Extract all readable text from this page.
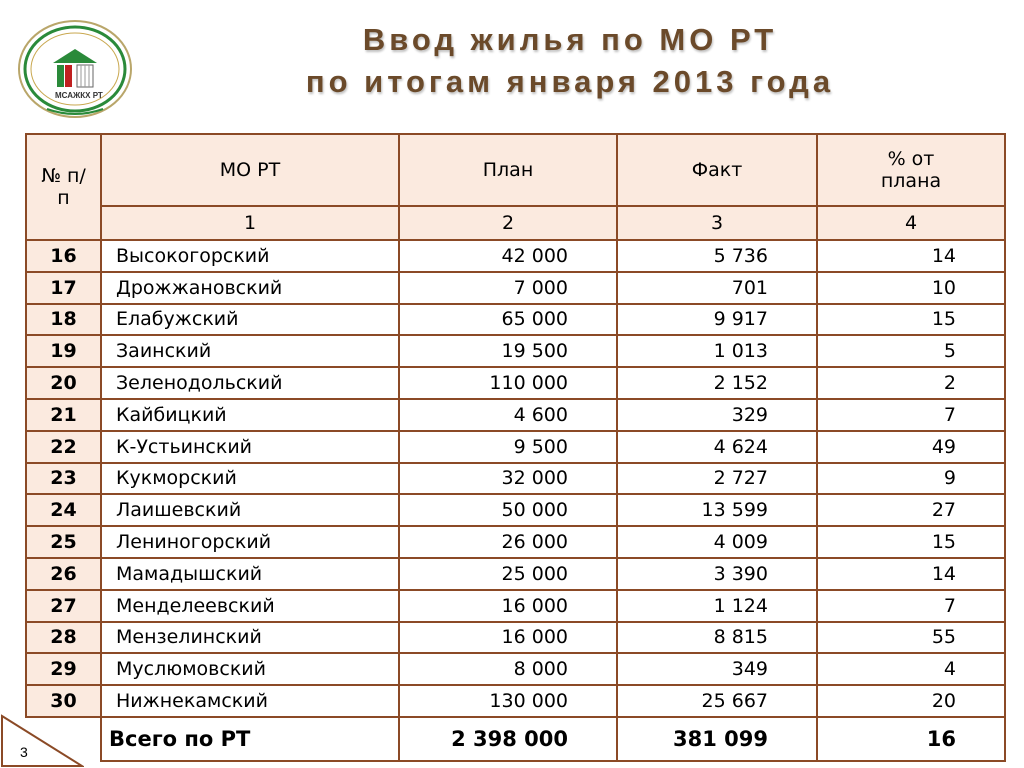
МСАЖКХ РТ
Ввод жилья по МО РТ
по итогам января 2013 года
№ п/п	МО РТ	План	Факт	% от плана
	1	2	3	4
16	Высокогорский	42 000	5 736	14
17	Дрожжановский	7 000	701	10
18	Елабужский	65 000	9 917	15
19	Заинский	19 500	1 013	5
20	Зеленодольский	110 000	2 152	2
21	Кайбицкий	4 600	329	7
22	К-Устьинский	9 500	4 624	49
23	Кукморский	32 000	2 727	9
24	Лаишевский	50 000	13 599	27
25	Лениногорский	26 000	4 009	15
26	Мамадышский	25 000	3 390	14
27	Менделеевский	16 000	1 124	7
28	Мензелинский	16 000	8 815	55
29	Муслюмовский	8 000	349	4
30	Нижнекамский	130 000	25 667	20
	Всего по РТ	2 398 000	381 099	16
3
